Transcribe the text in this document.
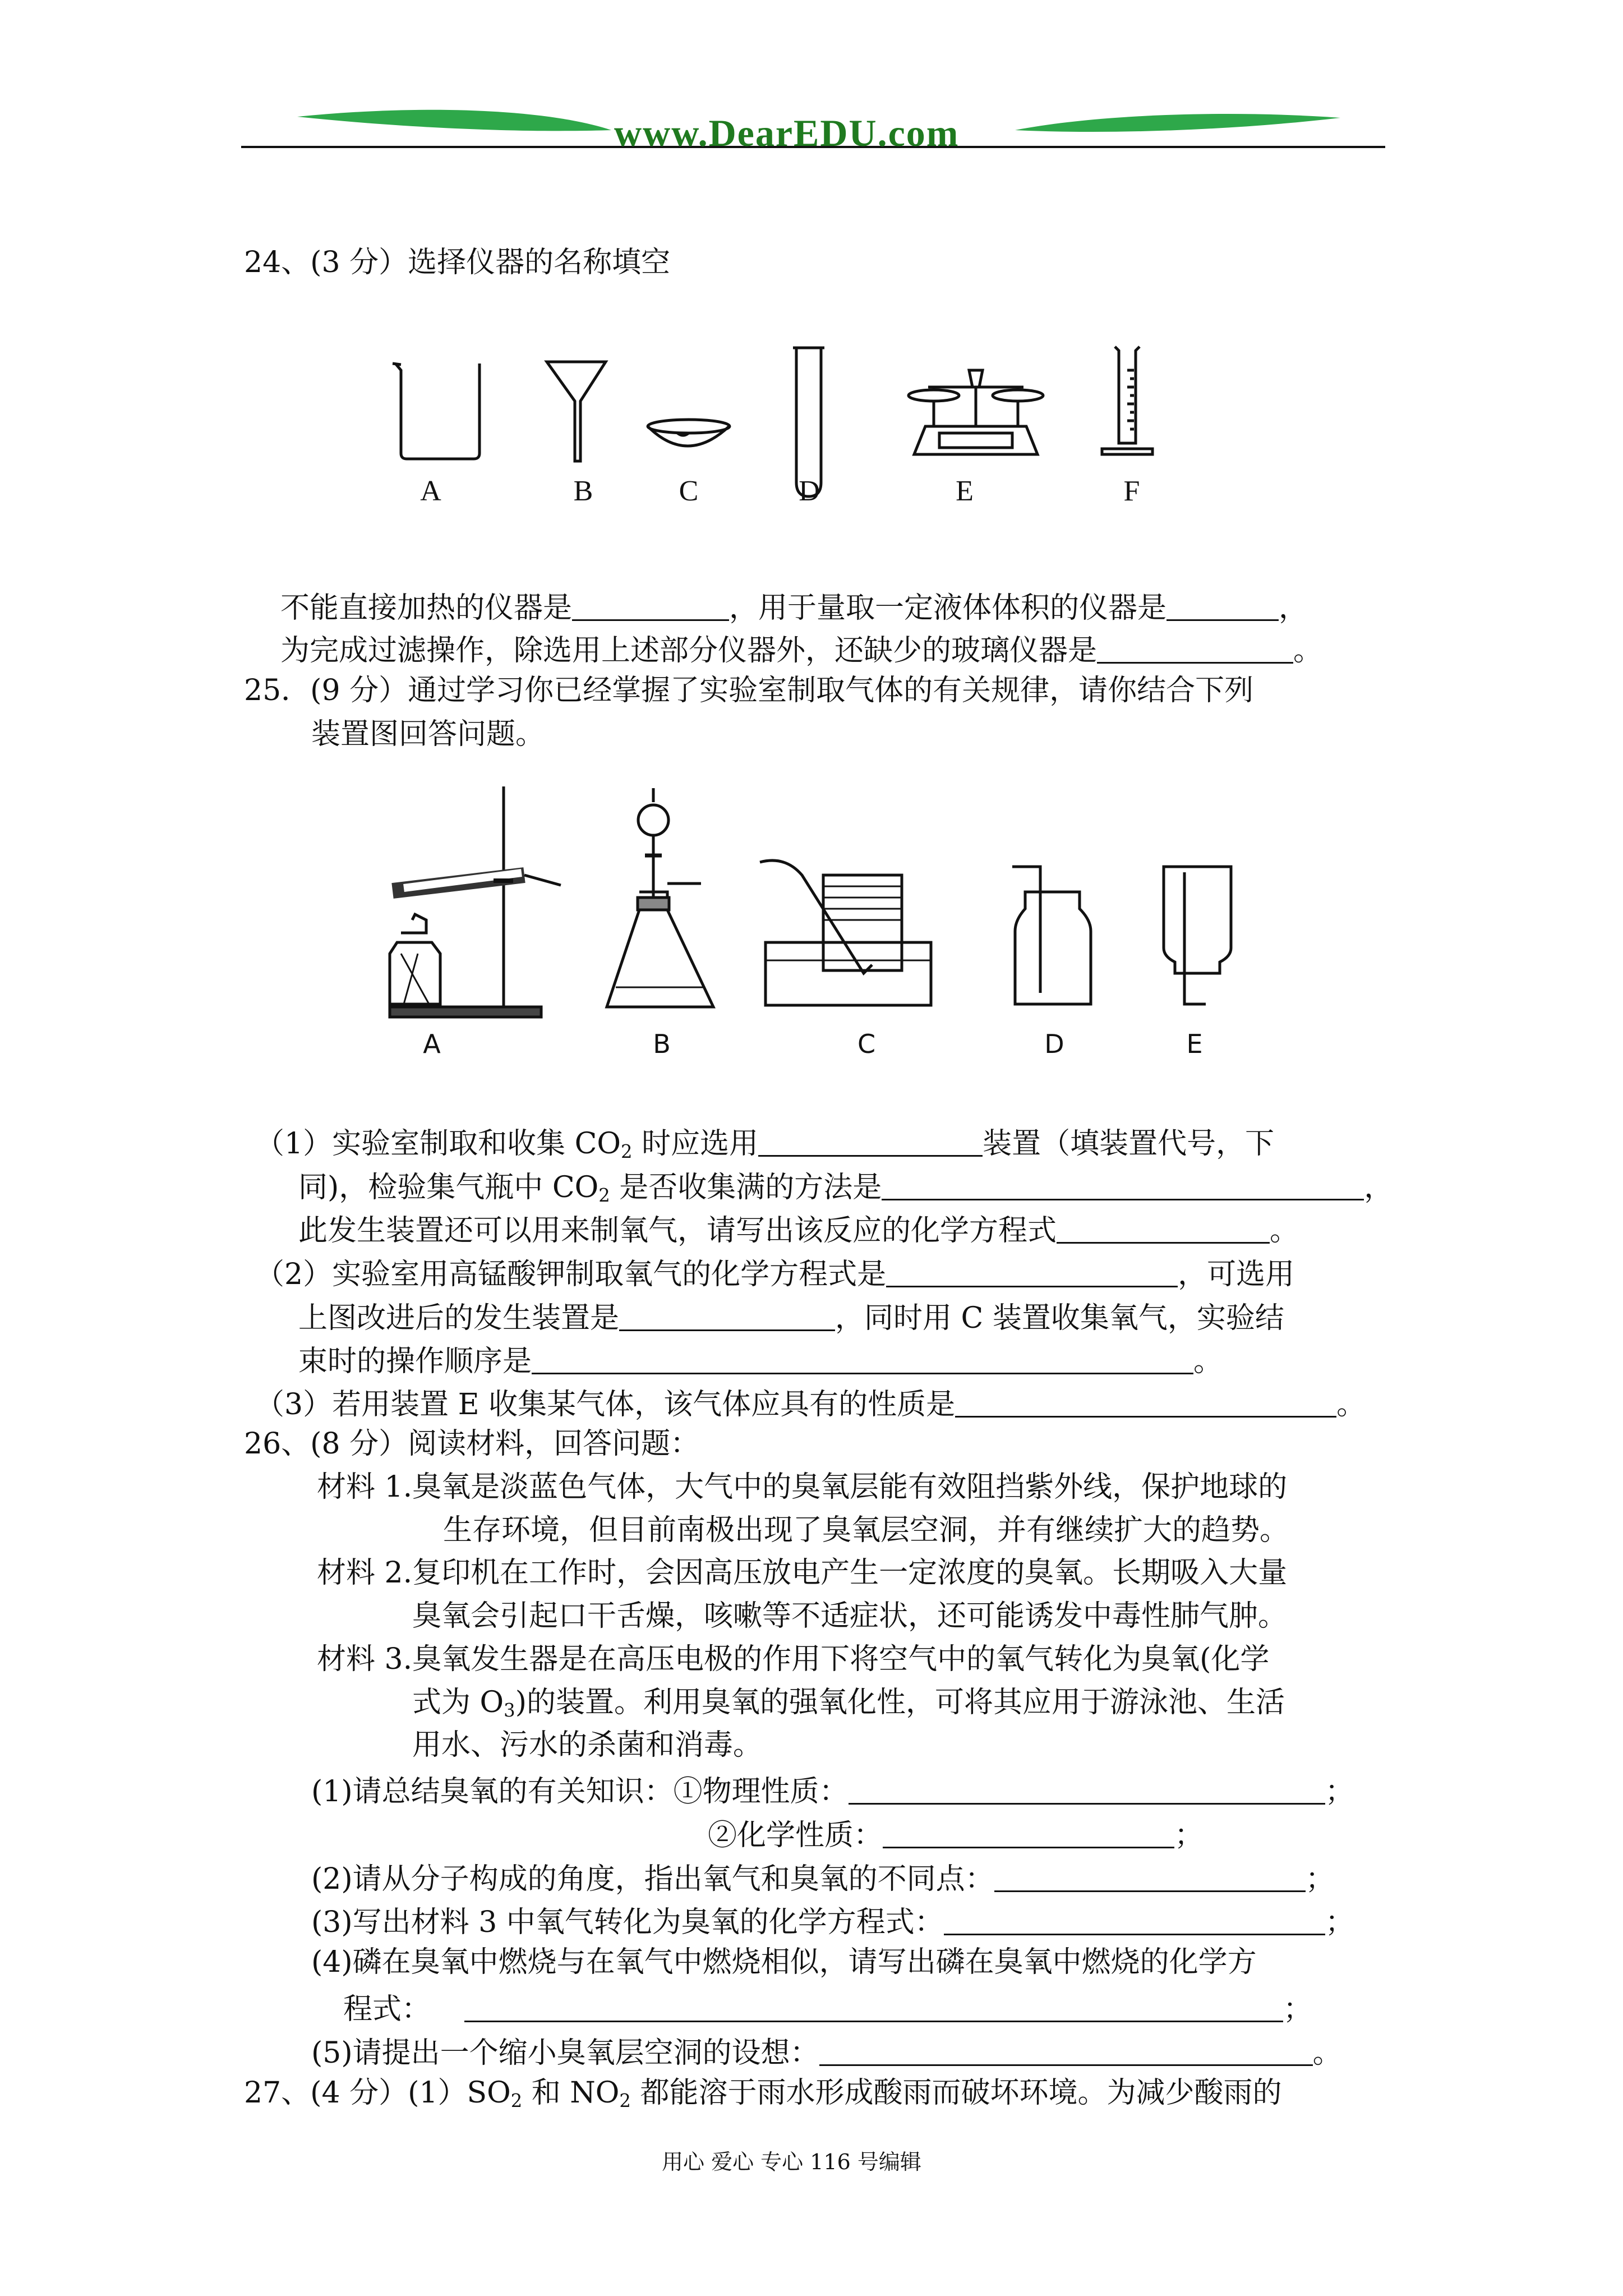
www.DearEDU.com
24、(3 分）选择仪器的名称填空
A	B	C	D	E	F
不能直接加热的仪器是	，用于量取一定液体体积的仪器是	，
为完成过滤操作，除选用上述部分仪器外，还缺少的玻璃仪器是	。
25．(9 分）通过学习你已经掌握了实验室制取气体的有关规律，请你结合下列
装置图回答问题。
A	B	C	D	E
（1）实验室制取和收集 $CO_2$ 时应选用	装置（填装置代号，下
同)，检验集气瓶中 $CO_2$ 是否收集满的方法是	，
此发生装置还可以用来制氧气，请写出该反应的化学方程式	。
（2）实验室用高锰酸钾制取氧气的化学方程式是	，可选用
上图改进后的发生装置是	，同时用 C 装置收集氧气，实验结
束时的操作顺序是	。
（3）若用装置 E 收集某气体，该气体应具有的性质是	。
26、(8 分）阅读材料，回答问题：
材料 1.臭氧是淡蓝色气体，大气中的臭氧层能有效阻挡紫外线，保护地球的
生存环境，但目前南极出现了臭氧层空洞，并有继续扩大的趋势。
材料 2.复印机在工作时，会因高压放电产生一定浓度的臭氧。长期吸入大量
臭氧会引起口干舌燥，咳嗽等不适症状，还可能诱发中毒性肺气肿。
材料 3.臭氧发生器是在高压电极的作用下将空气中的氧气转化为臭氧(化学
式为 $O_3$)的装置。利用臭氧的强氧化性，可将其应用于游泳池、生活
用水、污水的杀菌和消毒。
(1)请总结臭氧的有关知识：①物理性质：	；
②化学性质：	；
(2)请从分子构成的角度，指出氧气和臭氧的不同点：	；
(3)写出材料 3 中氧气转化为臭氧的化学方程式：	；
(4)磷在臭氧中燃烧与在氧气中燃烧相似，请写出磷在臭氧中燃烧的化学方
程式：	；
(5)请提出一个缩小臭氧层空洞的设想：	。
27、(4 分）$(1)SO_2$ 和 $NO_2$ 都能溶于雨水形成酸雨而破坏环境。为减少酸雨的
用心 爱心 专心 116 号编辑
